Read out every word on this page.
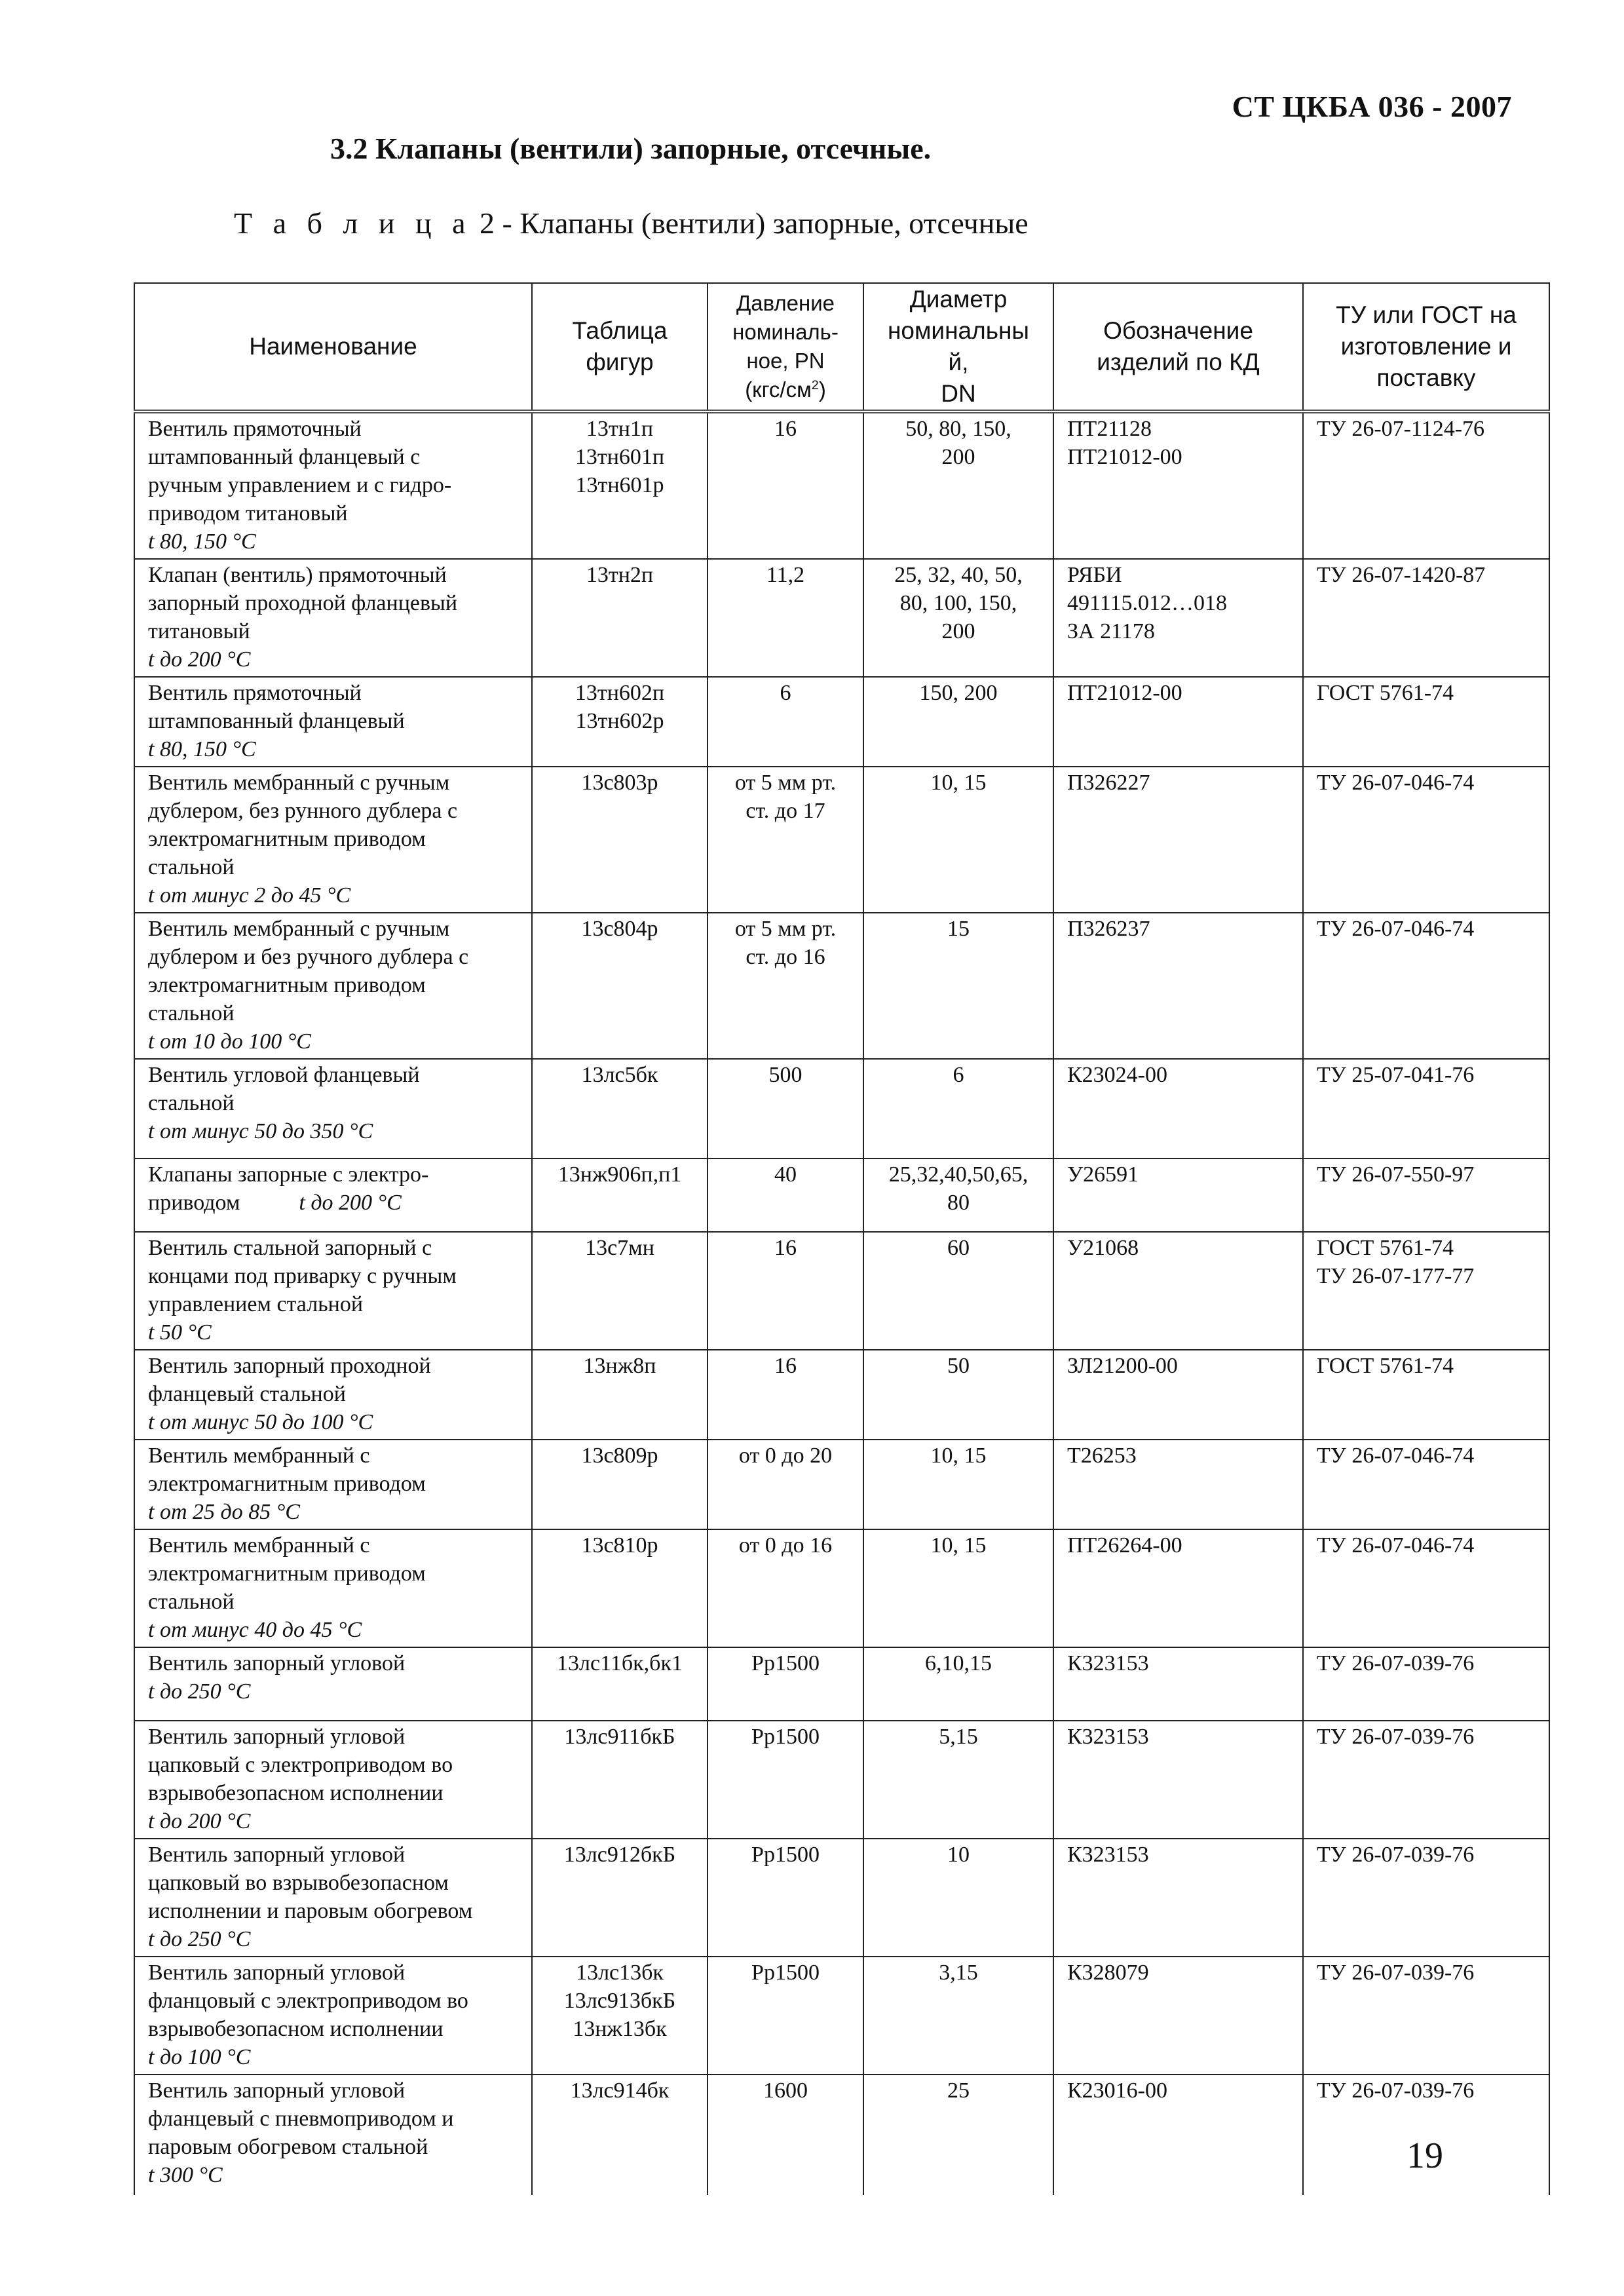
СТ ЦКБА 036 - 2007
3.2 Клапаны (вентили) запорные, отсечные.
Т а б л и ц а 2 - Клапаны (вентили) запорные, отсечные
Наименование	Таблица
фигур	Давление
номиналь-
ное, PN
$(кгс/см^2)$	Диаметр
номинальны
й,
DN	Обозначение
изделий по КД	ТУ или ГОСТ на
изготовление и
поставку

Вентиль прямоточный
штампованный фланцевый с
ручным управлением и с гидро-
приводом титановый
t 80, 150 °С	13тн1п
13тн601п
13тн601р	16	50, 80, 150,
200	ПТ21128
ПТ21012-00	ТУ 26-07-1124-76

Клапан (вентиль) прямоточный
запорный проходной фланцевый
титановый
t до 200 °С	13тн2п	11,2	25, 32, 40, 50,
80, 100, 150,
200	РЯБИ
491115.012…018
ЗА 21178	ТУ 26-07-1420-87

Вентиль прямоточный
штампованный фланцевый
t 80, 150 °С	13тн602п
13тн602р	6	150, 200	ПТ21012-00	ГОСТ 5761-74

Вентиль мембранный с ручным
дублером, без рунного дублера с
электромагнитным приводом
стальной
t от минус 2 до 45 °С	13с803р	от 5 мм рт.
ст. до 17	10, 15	П326227	ТУ 26-07-046-74

Вентиль мембранный с ручным
дублером и без ручного дублера с
электромагнитным приводом
стальной
t от 10 до 100 °С	13с804р	от 5 мм рт.
ст. до 16	15	П326237	ТУ 26-07-046-74

Вентиль угловой фланцевый
стальной
t от минус 50 до 350 °С	13лс5бк	500	6	К23024-00	ТУ 25-07-041-76

Клапаны запорные с электро-
приводом t до 200 °С	13нж906п,п1	40	25,32,40,50,65,
80	У26591	ТУ 26-07-550-97

Вентиль стальной запорный с
концами под приварку с ручным
управлением стальной
t 50 °С	13с7мн	16	60	У21068	ГОСТ 5761-74
ТУ 26-07-177-77

Вентиль запорный проходной
фланцевый стальной
t от минус 50 до 100 °С	13нж8п	16	50	ЗЛ21200-00	ГОСТ 5761-74

Вентиль мембранный с
электромагнитным приводом
t от 25 до 85 °С	13с809р	от 0 до 20	10, 15	Т26253	ТУ 26-07-046-74

Вентиль мембранный с
электромагнитным приводом
стальной
t от минус 40 до 45 °С	13с810р	от 0 до 16	10, 15	ПТ26264-00	ТУ 26-07-046-74

Вентиль запорный угловой
t до 250 °С	13лс11бк,бк1	Рр1500	6,10,15	К323153	ТУ 26-07-039-76

Вентиль запорный угловой
цапковый с электроприводом во
взрывобезопасном исполнении
t до 200 °С	13лс911бкБ	Рр1500	5,15	К323153	ТУ 26-07-039-76

Вентиль запорный угловой
цапковый во взрывобезопасном
исполнении и паровым обогревом
t до 250 °С	13лс912бкБ	Рр1500	10	К323153	ТУ 26-07-039-76

Вентиль запорный угловой
фланцовый с электроприводом во
взрывобезопасном исполнении
t до 100 °С	13лс13бк
13лс913бкБ
13нж13бк	Рр1500	3,15	К328079	ТУ 26-07-039-76

Вентиль запорный угловой
фланцевый с пневмоприводом и
паровым обогревом стальной
t 300 °С	13лс914бк	1600	25	К23016-00	ТУ 26-07-039-76
19
